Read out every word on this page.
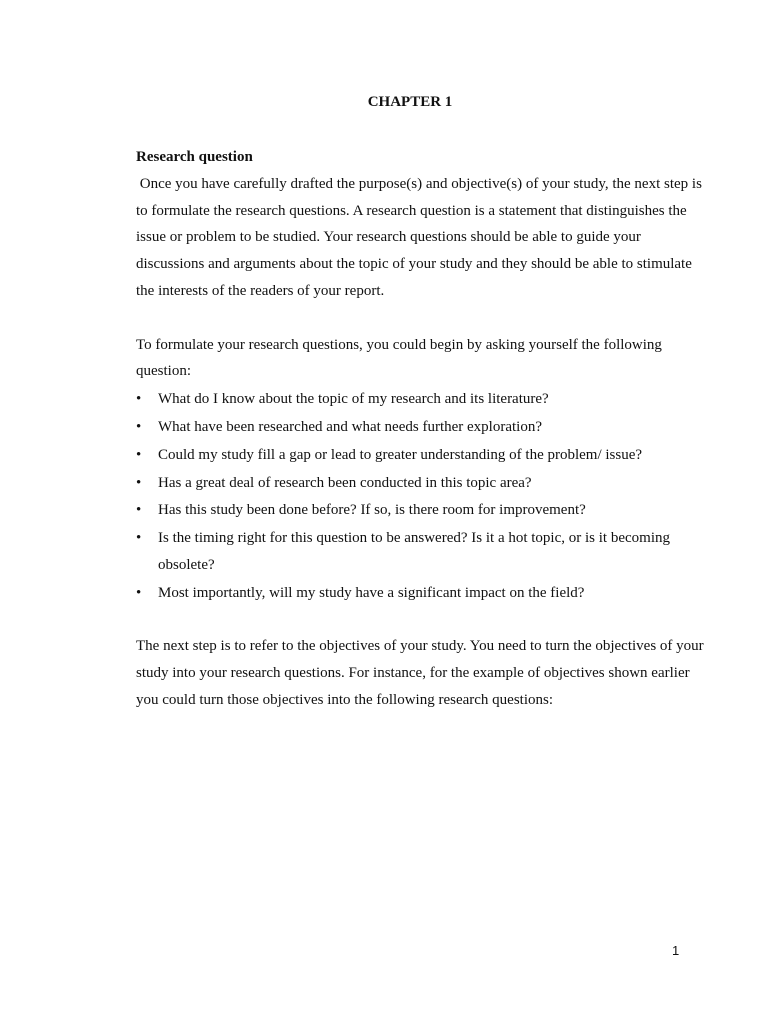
CHAPTER 1

Research question

Once you have carefully drafted the purpose(s) and objective(s) of your study, the next step is to formulate the research questions. A research question is a statement that distinguishes the issue or problem to be studied. Your research questions should be able to guide your discussions and arguments about the topic of your study and they should be able to stimulate the interests of the readers of your report.

To formulate your research questions, you could begin by asking yourself the following question:

• What do I know about the topic of my research and its literature?
• What have been researched and what needs further exploration?
• Could my study fill a gap or lead to greater understanding of the problem/ issue?
• Has a great deal of research been conducted in this topic area?
• Has this study been done before? If so, is there room for improvement?
• Is the timing right for this question to be answered? Is it a hot topic, or is it becoming obsolete?
• Most importantly, will my study have a significant impact on the field?

The next step is to refer to the objectives of your study. You need to turn the objectives of your study into your research questions. For instance, for the example of objectives shown earlier you could turn those objectives into the following research questions:

1
